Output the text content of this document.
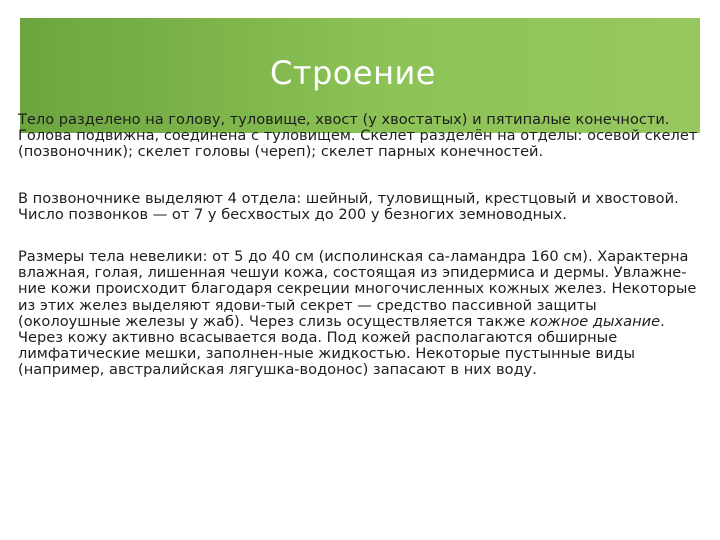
Строение

Тело разделено на голову, туловище, хвост (у хвостатых) и пятипалые конечности. Голова подвижна, соединена с туловищем. Скелет разделён на отделы: осевой скелет (позвоночник); скелет головы (череп); скелет парных конечностей.

В позвоночнике выделяют 4 отдела: шейный, туловищный, крестцовый и хвостовой. Число позвонков — от 7 у бесхвостых до 200 у безногих земноводных.

Размеры тела невелики: от 5 до 40 см (исполинская са-ламандра 160 см). Характерна влажная, голая, лишенная чешуи кожа, состоящая из эпидермиса и дермы. Увлажне-ние кожи происходит благодаря секреции многочисленных кожных желез. Некоторые из этих желез выделяют ядови-тый секрет — средство пассивной защиты (околоушные железы у жаб). Через слизь осуществляется также кожное дыхание. Через кожу активно всасывается вода. Под кожей располагаются обширные лимфатические мешки, заполнен-ные жидкостью. Некоторые пустынные виды (например, австралийская лягушка-водонос) запасают в них воду.
